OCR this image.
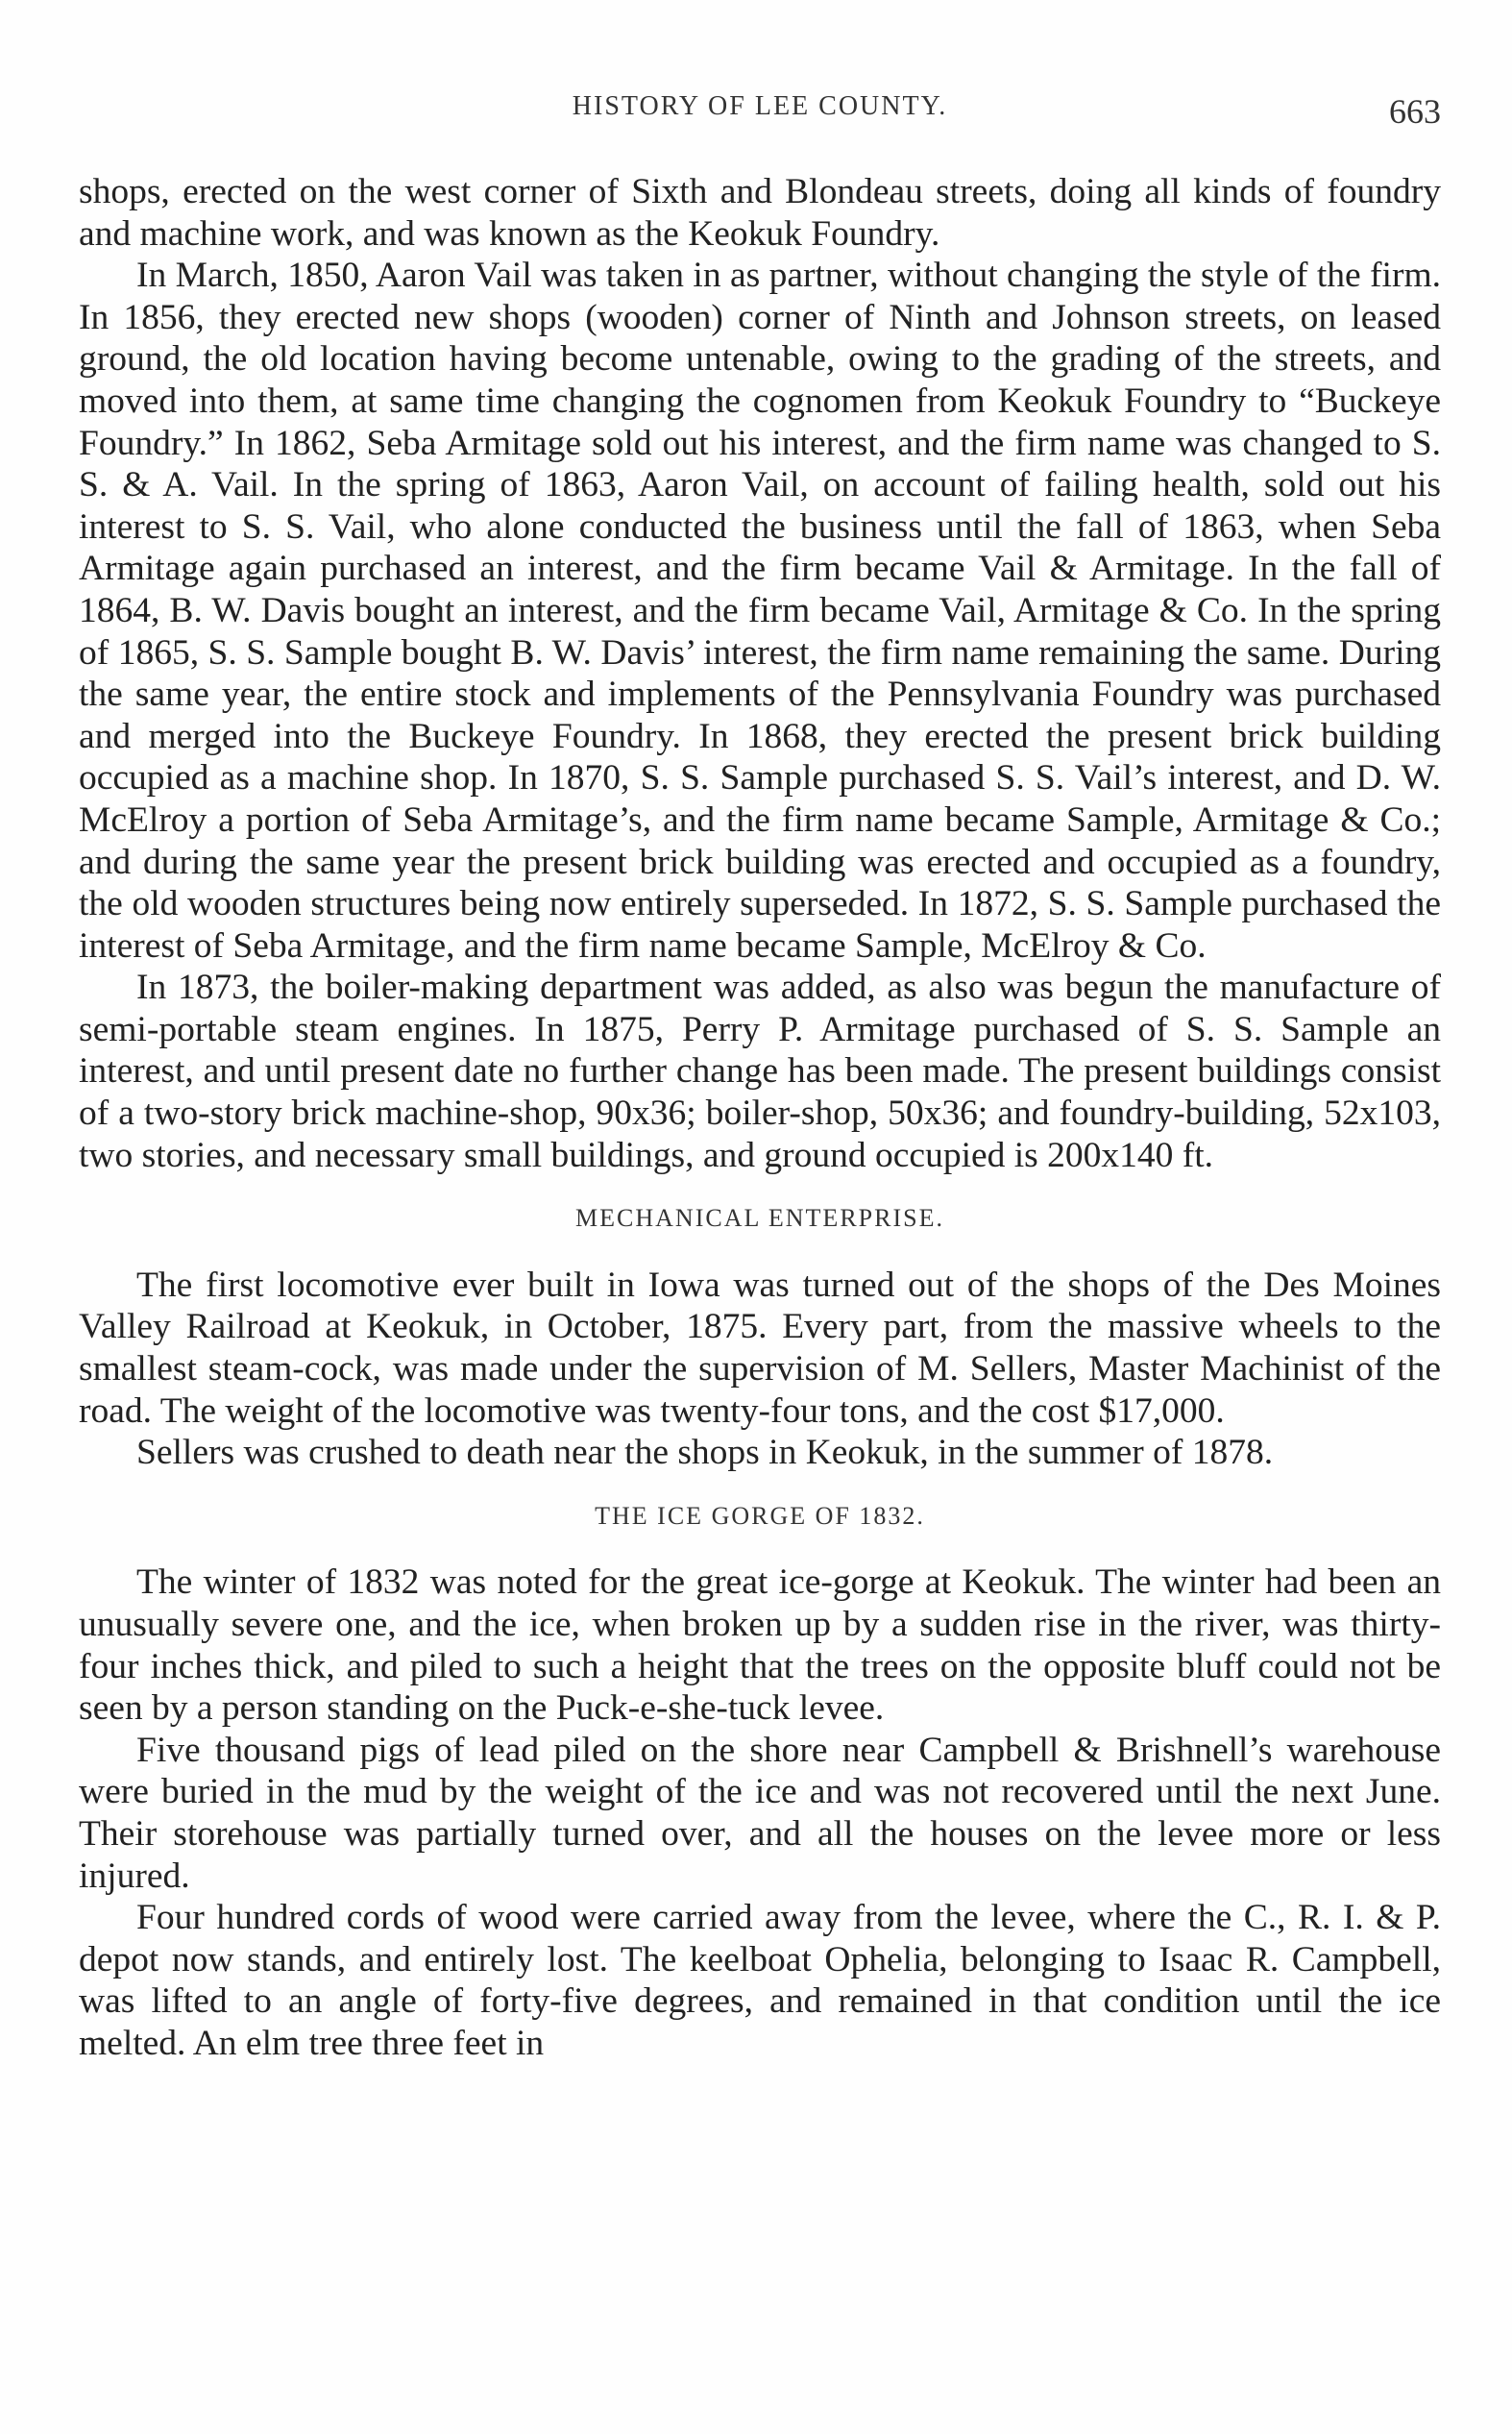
HISTORY OF LEE COUNTY.	663

shops, erected on the west corner of Sixth and Blondeau streets, doing all kinds of foundry and machine work, and was known as the Keokuk Foundry.

In March, 1850, Aaron Vail was taken in as partner, without changing the style of the firm. In 1856, they erected new shops (wooden) corner of Ninth and Johnson streets, on leased ground, the old location having become untenable, owing to the grading of the streets, and moved into them, at same time changing the cognomen from Keokuk Foundry to “Buckeye Foundry.” In 1862, Seba Armitage sold out his interest, and the firm name was changed to S. S. & A. Vail. In the spring of 1863, Aaron Vail, on account of failing health, sold out his interest to S. S. Vail, who alone conducted the business until the fall of 1863, when Seba Armitage again purchased an interest, and the firm became Vail & Armitage. In the fall of 1864, B. W. Davis bought an interest, and the firm became Vail, Armitage & Co. In the spring of 1865, S. S. Sample bought B. W. Davis’ interest, the firm name remaining the same. During the same year, the entire stock and implements of the Pennsylvania Foundry was purchased and merged into the Buckeye Foundry. In 1868, they erected the present brick building occupied as a machine shop. In 1870, S. S. Sample purchased S. S. Vail’s interest, and D. W. McElroy a portion of Seba Armitage’s, and the firm name became Sample, Armitage & Co.; and during the same year the present brick building was erected and occupied as a foundry, the old wooden structures being now entirely superseded. In 1872, S. S. Sample purchased the interest of Seba Armitage, and the firm name became Sample, McElroy & Co.

In 1873, the boiler-making department was added, as also was begun the manufacture of semi-portable steam engines. In 1875, Perry P. Armitage purchased of S. S. Sample an interest, and until present date no further change has been made. The present buildings consist of a two-story brick machine-shop, 90x36; boiler-shop, 50x36; and foundry-building, 52x103, two stories, and necessary small buildings, and ground occupied is 200x140 ft.

MECHANICAL ENTERPRISE.

The first locomotive ever built in Iowa was turned out of the shops of the Des Moines Valley Railroad at Keokuk, in October, 1875. Every part, from the massive wheels to the smallest steam-cock, was made under the supervision of M. Sellers, Master Machinist of the road. The weight of the locomotive was twenty-four tons, and the cost $17,000.

Sellers was crushed to death near the shops in Keokuk, in the summer of 1878.

THE ICE GORGE OF 1832.

The winter of 1832 was noted for the great ice-gorge at Keokuk. The winter had been an unusually severe one, and the ice, when broken up by a sudden rise in the river, was thirty-four inches thick, and piled to such a height that the trees on the opposite bluff could not be seen by a person standing on the Puck-e-she-tuck levee.

Five thousand pigs of lead piled on the shore near Campbell & Brishnell’s warehouse were buried in the mud by the weight of the ice and was not recovered until the next June. Their storehouse was partially turned over, and all the houses on the levee more or less injured.

Four hundred cords of wood were carried away from the levee, where the C., R. I. & P. depot now stands, and entirely lost. The keelboat Ophelia, belonging to Isaac R. Campbell, was lifted to an angle of forty-five degrees, and remained in that condition until the ice melted. An elm tree three feet in
